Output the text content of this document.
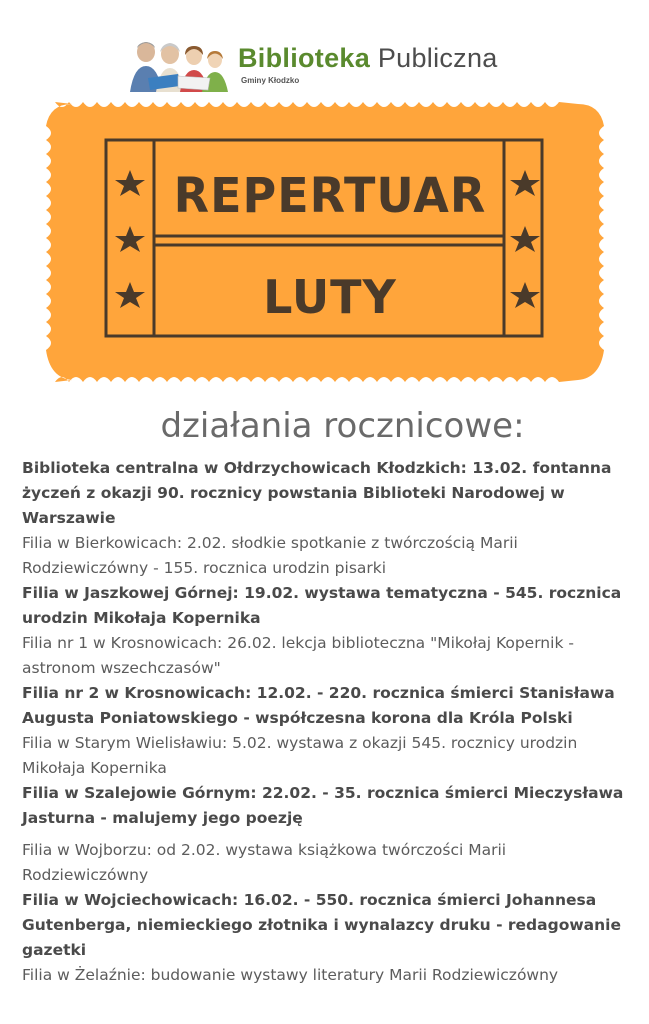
Biblioteka Publiczna
Gminy Kłodzko
REPERTUAR
LUTY
działania rocznicowe:

Biblioteka centralna w Ołdrzychowicach Kłodzkich: 13.02. fontanna życzeń z okazji 90. rocznicy powstania Biblioteki Narodowej w Warszawie

Filia w Bierkowicach: 2.02. słodkie spotkanie z twórczością Marii Rodziewiczówny - 155. rocznica urodzin pisarki

Filia w Jaszkowej Górnej: 19.02. wystawa tematyczna - 545. rocznica urodzin Mikołaja Kopernika

Filia nr 1 w Krosnowicach: 26.02. lekcja biblioteczna "Mikołaj Kopernik - astronom wszechczasów"

Filia nr 2 w Krosnowicach: 12.02. - 220. rocznica śmierci Stanisława Augusta Poniatowskiego - współczesna korona dla Króla Polski

Filia w Starym Wielisławiu: 5.02. wystawa z okazji 545. rocznicy urodzin Mikołaja Kopernika

Filia w Szalejowie Górnym: 22.02. - 35. rocznica śmierci Mieczysława Jasturna - malujemy jego poezję

Filia w Wojborzu: od 2.02. wystawa książkowa twórczości Marii Rodziewiczówny

Filia w Wojciechowicach: 16.02. - 550. rocznica śmierci Johannesa Gutenberga, niemieckiego złotnika i wynalazcy druku - redagowanie gazetki

Filia w Żelaźnie: budowanie wystawy literatury Marii Rodziewiczówny
